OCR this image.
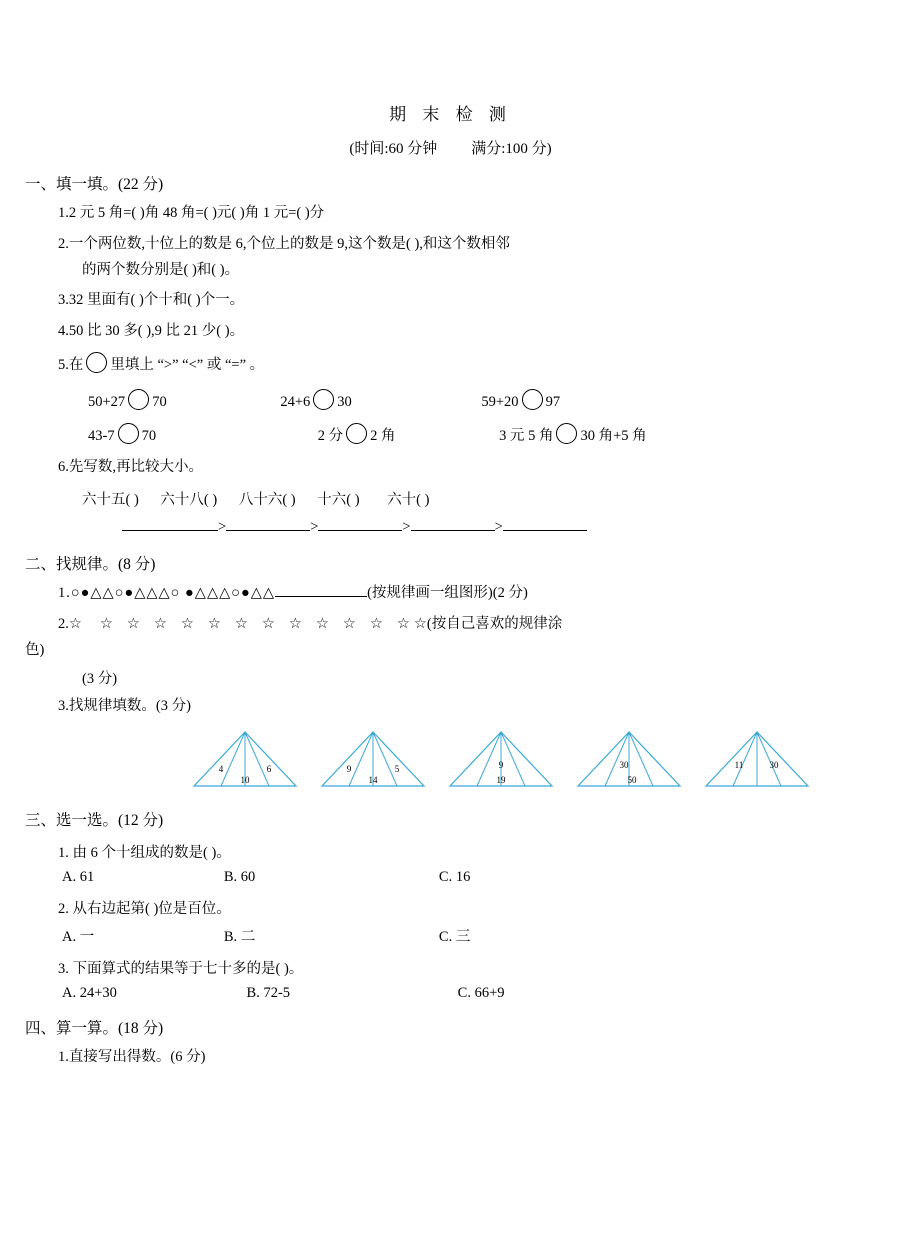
期 末 检 测
(时间:60 分钟 满分:100 分)
一、填一填。(22 分)
1.2 元 5 角=( )角 48 角=( )元( )角 1 元=( )分
2.一个两位数,十位上的数是 6,个位上的数是 9,这个数是( ),和这个数相邻
的两个数分别是( )和( )。
3.32 里面有( )个十和( )个一。
4.50 比 30 多( ),9 比 21 少( )。
5.在 里填上 “>” “<” 或 “=” 。
50+27 70	24+6 30	59+20 97
43-7 70	2 分 2 角	3 元 5 角 30 角+5 角
6.先写数,再比较大小。
六十五( ) 六十八( ) 八十六( ) 十六( ) 六十( )
>	>	>	>
二、找规律。(8 分)
1.○●△△○●△△△○ ●△△△○●△△	(按规律画一组图形)(2 分)
2.☆ ☆ ☆ ☆ ☆ ☆ ☆ ☆ ☆ ☆ ☆ ☆ ☆ ☆(按自己喜欢的规律涂
色)
(3 分)
3.找规律填数。(3 分)
4	6
10
9	5
14
9
19
30
50
11	30
三、选一选。(12 分)
1. 由 6 个十组成的数是( )。
A. 61	B. 60	C. 16
2. 从右边起第( )位是百位。
A. 一	B. 二	C. 三
3. 下面算式的结果等于七十多的是( )。
A. 24+30	B. 72-5	C. 66+9
四、算一算。(18 分)
1.直接写出得数。(6 分)
